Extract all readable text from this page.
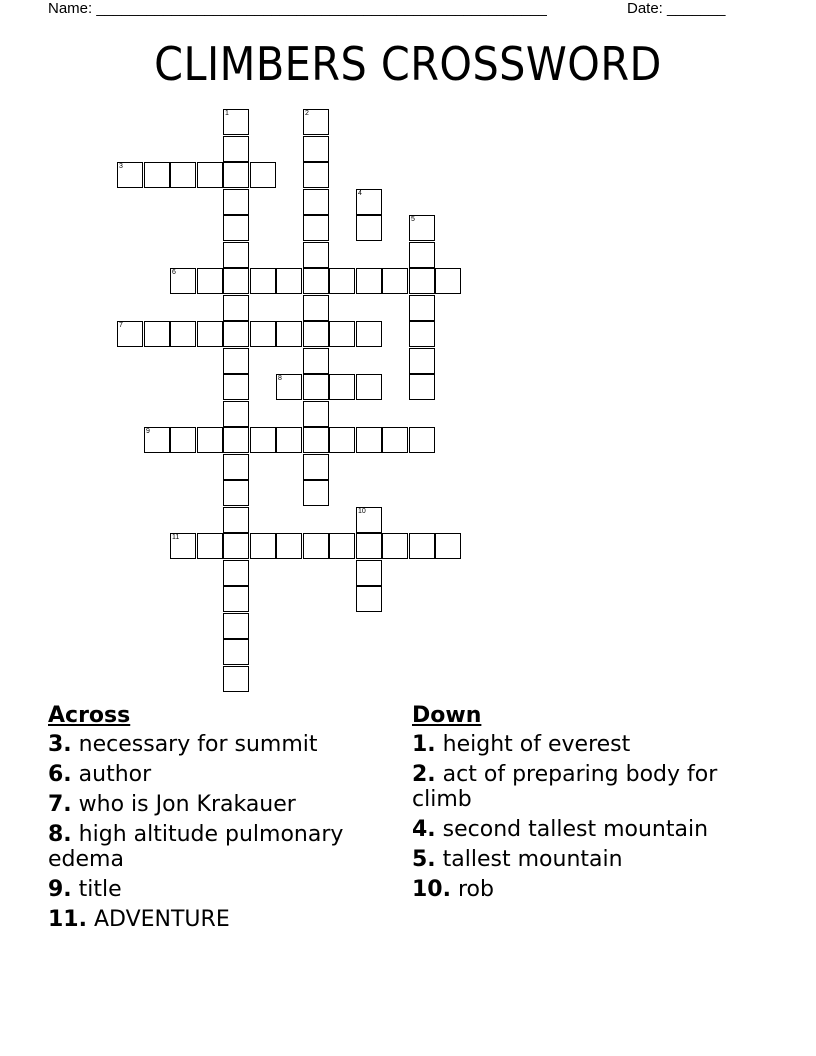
Name: ______________________________________________________	Date: _______
CLIMBERS CROSSWORD
1	2
3
4
5
6
7
8
9
10
11
Across
3. necessary for summit
6. author
7. who is Jon Krakauer
8. high altitude pulmonary edema
9. title
11. ADVENTURE
Down
1. height of everest
2. act of preparing body for climb
4. second tallest mountain
5. tallest mountain
10. rob
